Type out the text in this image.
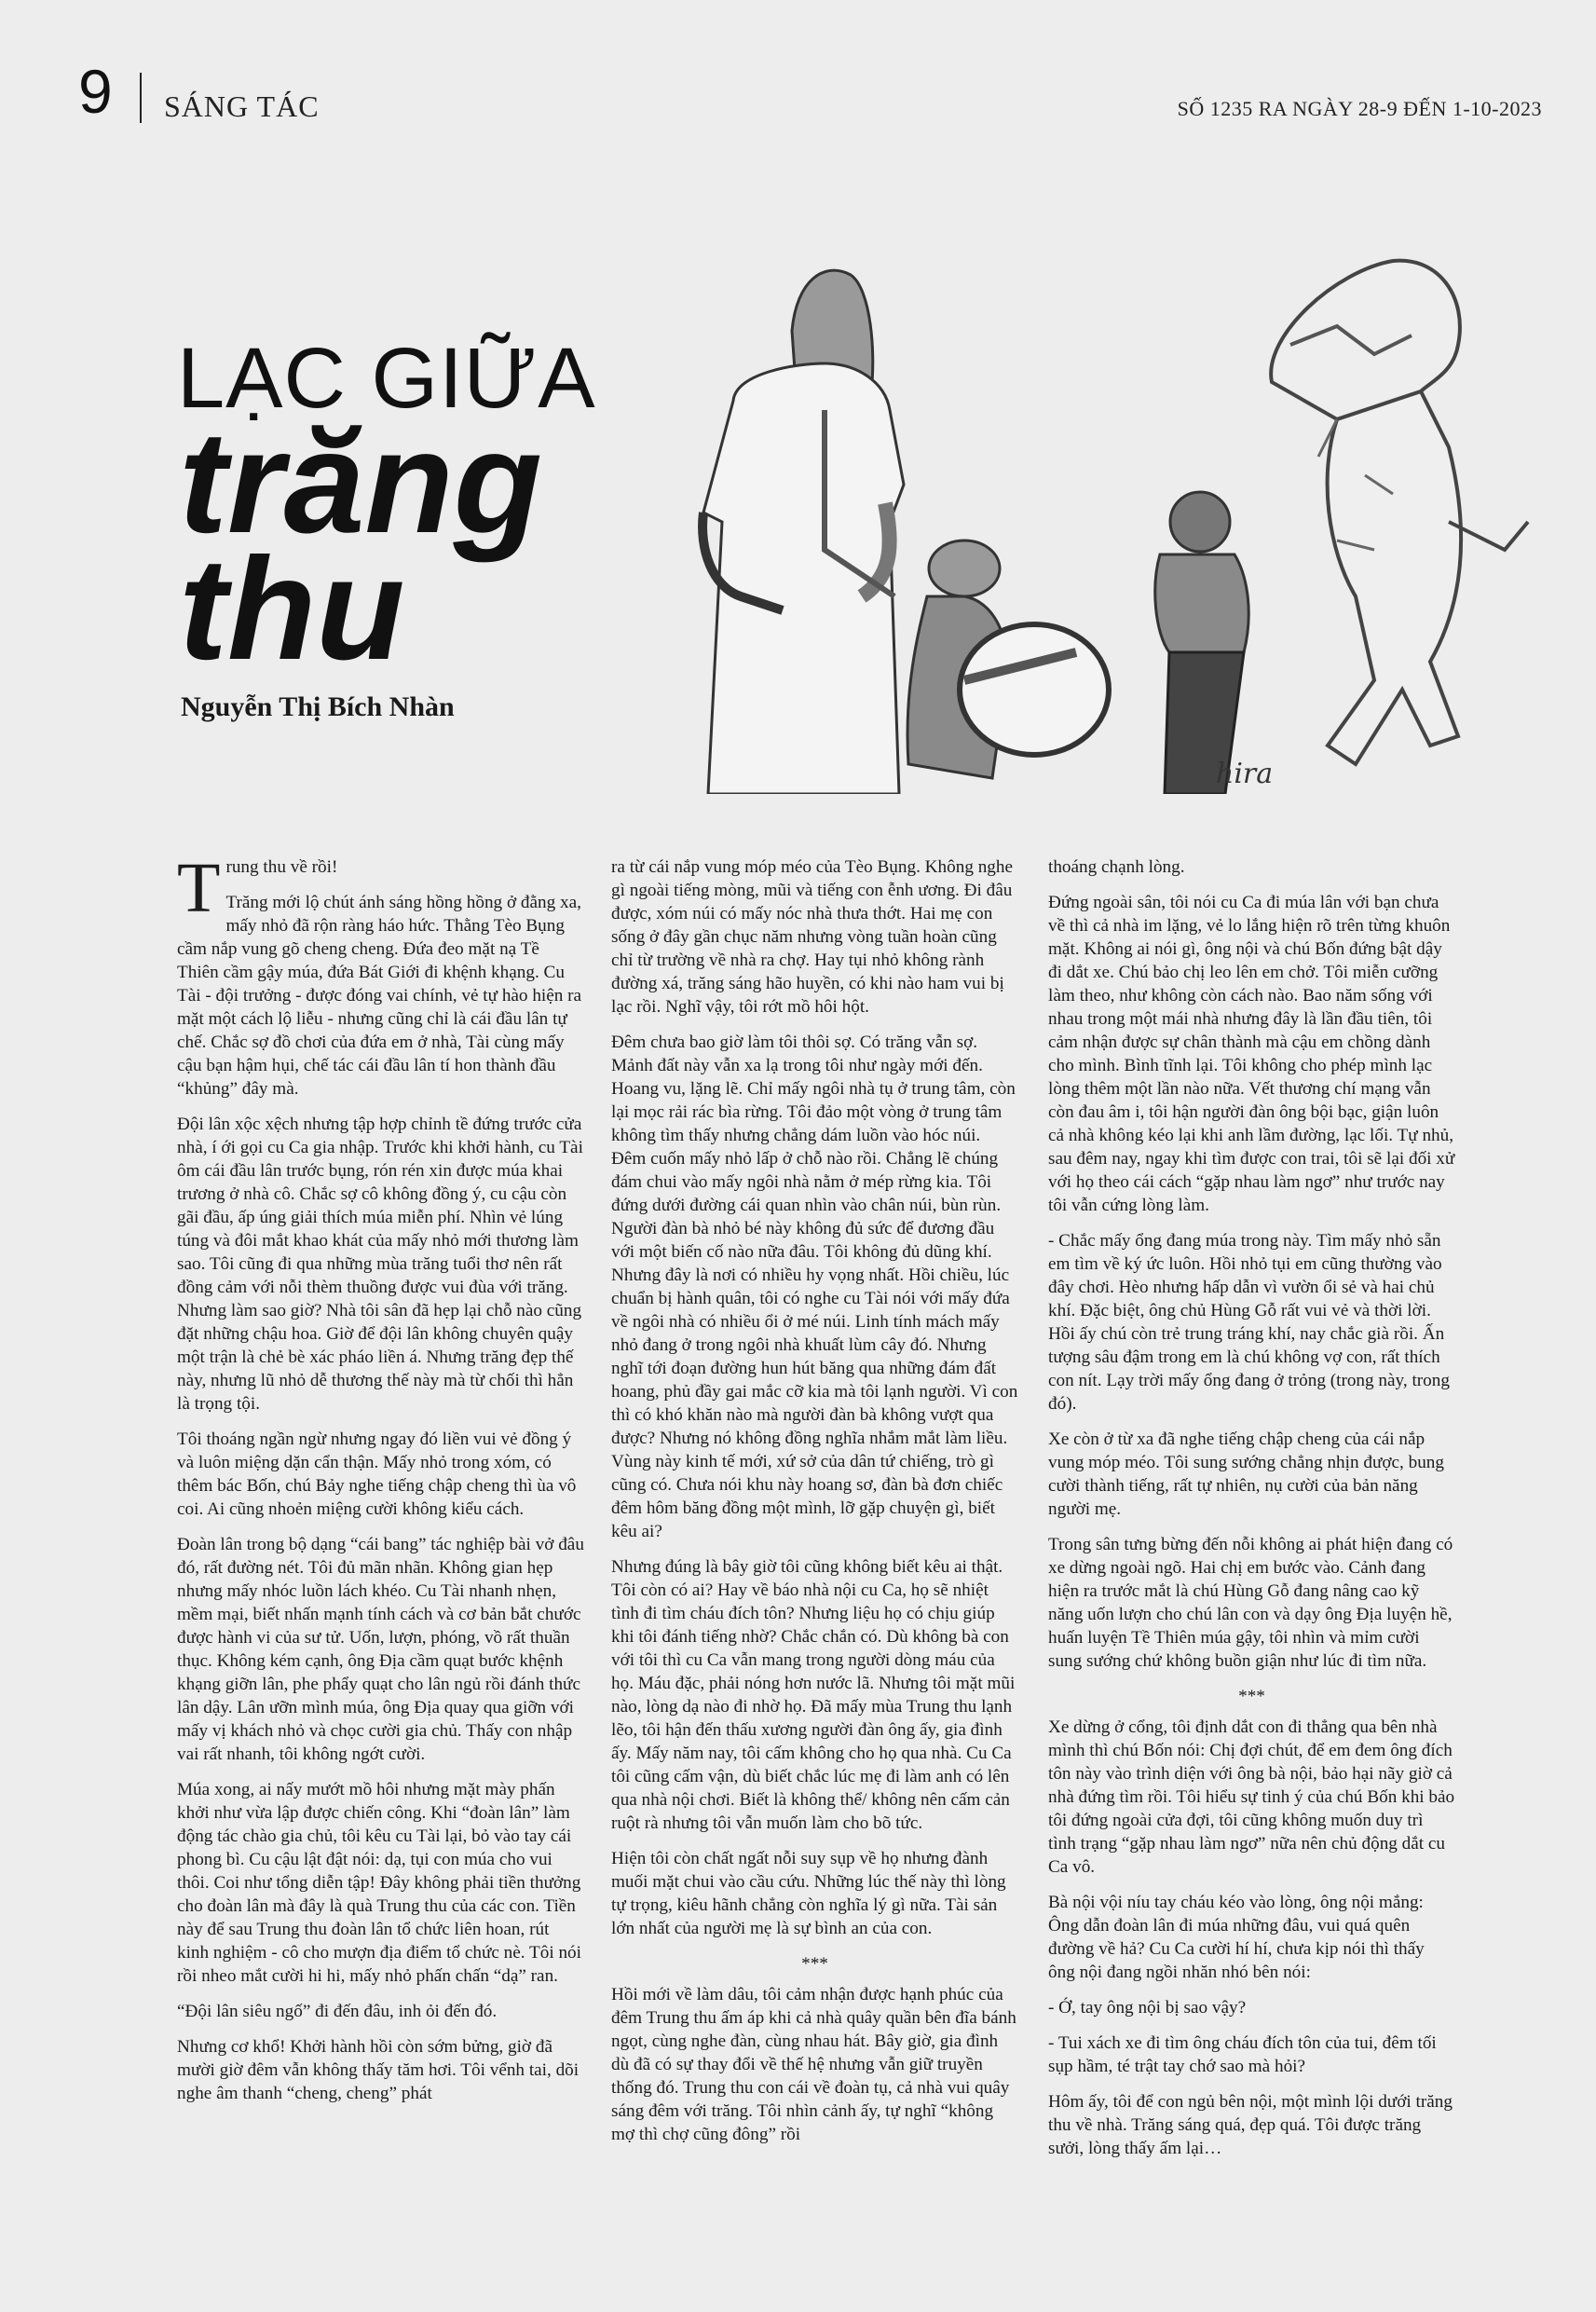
9 SÁNG TÁC	SỐ 1235 RA NGÀY 28-9 ĐẾN 1-10-2023
LẠC GIỮA
trăng
thu
Nguyễn Thị Bích Nhàn
hira

Trung thu về rồi!

Trăng mới lộ chút ánh sáng hồng hồng ở đằng xa, mấy nhỏ đã rộn ràng háo hức. Thằng Tèo Bụng cầm nắp vung gõ cheng cheng. Đứa đeo mặt nạ Tề Thiên cầm gậy múa, đứa Bát Giới đi khệnh khạng. Cu Tài - đội trưởng - được đóng vai chính, vẻ tự hào hiện ra mặt một cách lộ liễu - nhưng cũng chỉ là cái đầu lân tự chế. Chắc sợ đồ chơi của đứa em ở nhà, Tài cùng mấy cậu bạn hậm hụi, chế tác cái đầu lân tí hon thành đầu “khủng” đây mà.

Đội lân xộc xệch nhưng tập hợp chỉnh tề đứng trước cửa nhà, í ới gọi cu Ca gia nhập. Trước khi khởi hành, cu Tài ôm cái đầu lân trước bụng, rón rén xin được múa khai trương ở nhà cô. Chắc sợ cô không đồng ý, cu cậu còn gãi đầu, ấp úng giải thích múa miễn phí. Nhìn vẻ lúng túng và đôi mắt khao khát của mấy nhỏ mới thương làm sao. Tôi cũng đi qua những mùa trăng tuổi thơ nên rất đồng cảm với nỗi thèm thuồng được vui đùa với trăng. Nhưng làm sao giờ? Nhà tôi sân đã hẹp lại chỗ nào cũng đặt những chậu hoa. Giờ để đội lân không chuyên quậy một trận là chẻ bè xác pháo liền á. Nhưng trăng đẹp thế này, nhưng lũ nhỏ dễ thương thế này mà từ chối thì hẳn là trọng tội.

Tôi thoáng ngần ngừ nhưng ngay đó liền vui vẻ đồng ý và luôn miệng dặn cẩn thận. Mấy nhỏ trong xóm, có thêm bác Bốn, chú Bảy nghe tiếng chập cheng thì ùa vô coi. Ai cũng nhoẻn miệng cười không kiểu cách.

Đoàn lân trong bộ dạng “cái bang” tác nghiệp bài vở đâu đó, rất đường nét. Tôi đủ mãn nhãn. Không gian hẹp nhưng mấy nhóc luồn lách khéo. Cu Tài nhanh nhẹn, mềm mại, biết nhấn mạnh tính cách và cơ bản bắt chước được hành vi của sư tử. Uốn, lượn, phóng, vồ rất thuần thục. Không kém cạnh, ông Địa cầm quạt bước khệnh khạng giỡn lân, phe phẩy quạt cho lân ngủ rồi đánh thức lân dậy. Lân ưỡn mình múa, ông Địa quay qua giỡn với mấy vị khách nhỏ và chọc cười gia chủ. Thấy con nhập vai rất nhanh, tôi không ngớt cười.

Múa xong, ai nấy mướt mồ hôi nhưng mặt mày phấn khởi như vừa lập được chiến công. Khi “đoàn lân” làm động tác chào gia chủ, tôi kêu cu Tài lại, bỏ vào tay cái phong bì. Cu cậu lật đật nói: dạ, tụi con múa cho vui thôi. Coi như tổng diễn tập! Đây không phải tiền thưởng cho đoàn lân mà đây là quà Trung thu của các con. Tiền này để sau Trung thu đoàn lân tổ chức liên hoan, rút kinh nghiệm - cô cho mượn địa điểm tổ chức nè. Tôi nói rồi nheo mắt cười hi hi, mấy nhỏ phấn chấn “dạ” ran.

“Đội lân siêu ngố” đi đến đâu, inh ỏi đến đó.

Nhưng cơ khổ! Khởi hành hồi còn sớm bửng, giờ đã mười giờ đêm vẫn không thấy tăm hơi. Tôi vểnh tai, dõi nghe âm thanh “cheng, cheng” phát

ra từ cái nắp vung móp méo của Tèo Bụng. Không nghe gì ngoài tiếng mòng, mũi và tiếng con ễnh ương. Đi đâu được, xóm núi có mấy nóc nhà thưa thớt. Hai mẹ con sống ở đây gần chục năm nhưng vòng tuần hoàn cũng chỉ từ trường về nhà ra chợ. Hay tụi nhỏ không rành đường xá, trăng sáng hão huyền, có khi nào ham vui bị lạc rồi. Nghĩ vậy, tôi rớt mồ hôi hột.

Đêm chưa bao giờ làm tôi thôi sợ. Có trăng vẫn sợ. Mảnh đất này vẫn xa lạ trong tôi như ngày mới đến. Hoang vu, lặng lẽ. Chỉ mấy ngôi nhà tụ ở trung tâm, còn lại mọc rải rác bìa rừng. Tôi đảo một vòng ở trung tâm không tìm thấy nhưng chẳng dám luồn vào hóc núi. Đêm cuốn mấy nhỏ lấp ở chỗ nào rồi. Chẳng lẽ chúng đám chui vào mấy ngôi nhà nằm ở mép rừng kia. Tôi đứng dưới đường cái quan nhìn vào chân núi, bùn rùn. Người đàn bà nhỏ bé này không đủ sức để đương đầu với một biến cố nào nữa đâu. Tôi không đủ dũng khí. Nhưng đây là nơi có nhiều hy vọng nhất. Hồi chiều, lúc chuẩn bị hành quân, tôi có nghe cu Tài nói với mấy đứa về ngôi nhà có nhiều ổi ở mé núi. Linh tính mách mấy nhỏ đang ở trong ngôi nhà khuất lùm cây đó. Nhưng nghĩ tới đoạn đường hun hút băng qua những đám đất hoang, phủ đầy gai mắc cỡ kia mà tôi lạnh người. Vì con thì có khó khăn nào mà người đàn bà không vượt qua được? Nhưng nó không đồng nghĩa nhắm mắt làm liều. Vùng này kinh tế mới, xứ sở của dân tứ chiếng, trò gì cũng có. Chưa nói khu này hoang sơ, đàn bà đơn chiếc đêm hôm băng đồng một mình, lỡ gặp chuyện gì, biết kêu ai?

Nhưng đúng là bây giờ tôi cũng không biết kêu ai thật. Tôi còn có ai? Hay về báo nhà nội cu Ca, họ sẽ nhiệt tình đi tìm cháu đích tôn? Nhưng liệu họ có chịu giúp khi tôi đánh tiếng nhờ? Chắc chắn có. Dù không bà con với tôi thì cu Ca vẫn mang trong người dòng máu của họ. Máu đặc, phải nóng hơn nước lã. Nhưng tôi mặt mũi nào, lòng dạ nào đi nhờ họ. Đã mấy mùa Trung thu lạnh lẽo, tôi hận đến thấu xương người đàn ông ấy, gia đình ấy. Mấy năm nay, tôi cấm không cho họ qua nhà. Cu Ca tôi cũng cấm vận, dù biết chắc lúc mẹ đi làm anh có lên qua nhà nội chơi. Biết là không thể/ không nên cấm cản ruột rà nhưng tôi vẫn muốn làm cho bõ tức.

Hiện tôi còn chất ngất nỗi suy sụp về họ nhưng đành muối mặt chui vào cầu cứu. Những lúc thế này thì lòng tự trọng, kiêu hãnh chẳng còn nghĩa lý gì nữa. Tài sản lớn nhất của người mẹ là sự bình an của con.

***

Hồi mới về làm dâu, tôi cảm nhận được hạnh phúc của đêm Trung thu ấm áp khi cả nhà quây quần bên đĩa bánh ngọt, cùng nghe đàn, cùng nhau hát. Bây giờ, gia đình dù đã có sự thay đổi về thế hệ nhưng vẫn giữ truyền thống đó. Trung thu con cái về đoàn tụ, cả nhà vui quây sáng đêm với trăng. Tôi nhìn cảnh ấy, tự nghĩ “không mợ thì chợ cũng đông” rồi

thoáng chạnh lòng.

Đứng ngoài sân, tôi nói cu Ca đi múa lân với bạn chưa về thì cả nhà im lặng, vẻ lo lắng hiện rõ trên từng khuôn mặt. Không ai nói gì, ông nội và chú Bốn đứng bật dậy đi dắt xe. Chú bảo chị leo lên em chở. Tôi miễn cưỡng làm theo, như không còn cách nào. Bao năm sống với nhau trong một mái nhà nhưng đây là lần đầu tiên, tôi cảm nhận được sự chân thành mà cậu em chồng dành cho mình. Bình tĩnh lại. Tôi không cho phép mình lạc lòng thêm một lần nào nữa. Vết thương chí mạng vẫn còn đau âm i, tôi hận người đàn ông bội bạc, giận luôn cả nhà không kéo lại khi anh lầm đường, lạc lối. Tự nhủ, sau đêm nay, ngay khi tìm được con trai, tôi sẽ lại đối xử với họ theo cái cách “gặp nhau làm ngơ” như trước nay tôi vẫn cứng lòng làm.

- Chắc mấy ổng đang múa trong này. Tìm mấy nhỏ sẵn em tìm về ký ức luôn. Hồi nhỏ tụi em cũng thường vào đây chơi. Hèo nhưng hấp dẫn vì vườn ổi sẻ và hai chủ khí. Đặc biệt, ông chủ Hùng Gỗ rất vui vẻ và thời lời. Hồi ấy chú còn trẻ trung tráng khí, nay chắc già rồi. Ấn tượng sâu đậm trong em là chú không vợ con, rất thích con nít. Lạy trời mấy ổng đang ở trỏng (trong này, trong đó).

Xe còn ở từ xa đã nghe tiếng chập cheng của cái nắp vung móp méo. Tôi sung sướng chẳng nhịn được, bung cười thành tiếng, rất tự nhiên, nụ cười của bản năng người mẹ.

Trong sân tưng bừng đến nỗi không ai phát hiện đang có xe dừng ngoài ngõ. Hai chị em bước vào. Cảnh đang hiện ra trước mắt là chú Hùng Gỗ đang nâng cao kỹ năng uốn lượn cho chú lân con và dạy ông Địa luyện hề, huấn luyện Tề Thiên múa gậy, tôi nhìn và mỉm cười sung sướng chứ không buồn giận như lúc đi tìm nữa.

***

Xe dừng ở cổng, tôi định dắt con đi thẳng qua bên nhà mình thì chú Bốn nói: Chị đợi chút, để em đem ông đích tôn này vào trình diện với ông bà nội, bảo hại nãy giờ cả nhà đứng tìm rồi. Tôi hiểu sự tinh ý của chú Bốn khi bảo tôi đứng ngoài cửa đợi, tôi cũng không muốn duy trì tình trạng “gặp nhau làm ngơ” nữa nên chủ động dắt cu Ca vô.

Bà nội vội níu tay cháu kéo vào lòng, ông nội mắng: Ông dẫn đoàn lân đi múa những đâu, vui quá quên đường về hả? Cu Ca cười hí hí, chưa kịp nói thì thấy ông nội đang ngồi nhăn nhó bên nói:

- Ớ, tay ông nội bị sao vậy?

- Tui xách xe đi tìm ông cháu đích tôn của tui, đêm tối sụp hầm, té trật tay chớ sao mà hỏi?

Hôm ấy, tôi để con ngủ bên nội, một mình lội dưới trăng thu về nhà. Trăng sáng quá, đẹp quá. Tôi được trăng sưởi, lòng thấy ấm lại…
